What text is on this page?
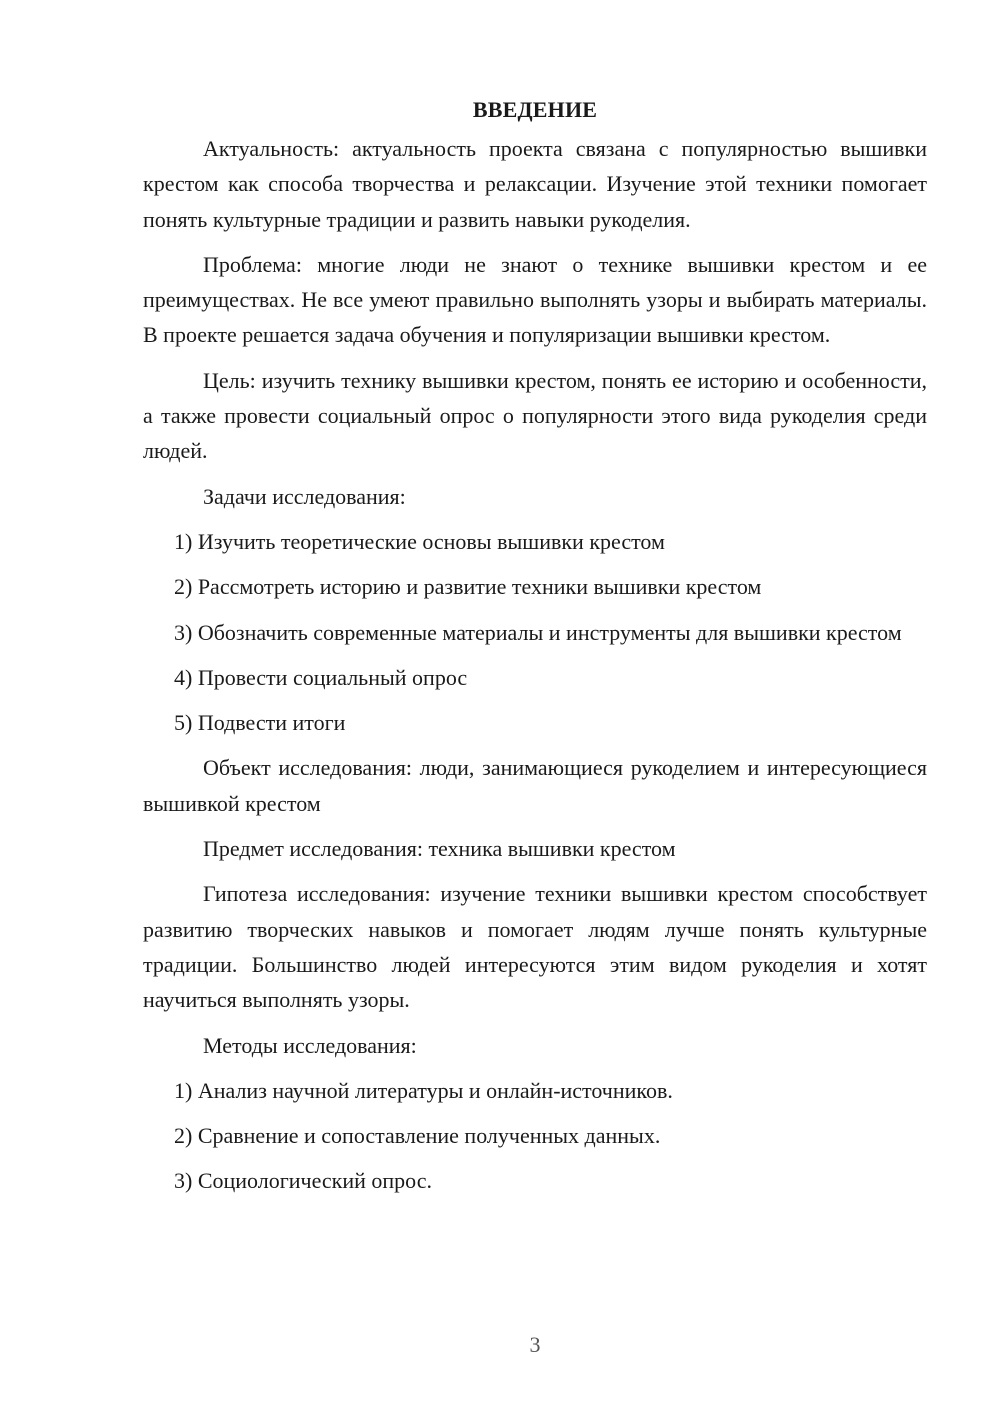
ВВЕДЕНИЕ

Актуальность: актуальность проекта связана с популярностью вышивки крестом как способа творчества и релаксации. Изучение этой техники помогает понять культурные традиции и развить навыки рукоделия.

Проблема: многие люди не знают о технике вышивки крестом и ее преимуществах. Не все умеют правильно выполнять узоры и выбирать материалы. В проекте решается задача обучения и популяризации вышивки крестом.

Цель: изучить технику вышивки крестом, понять ее историю и особенности, а также провести социальный опрос о популярности этого вида рукоделия среди людей.

Задачи исследования:

1) Изучить теоретические основы вышивки крестом

2) Рассмотреть историю и развитие техники вышивки крестом

3) Обозначить современные материалы и инструменты для вышивки крестом

4) Провести социальный опрос

5) Подвести итоги

Объект исследования: люди, занимающиеся рукоделием и интересующиеся вышивкой крестом

Предмет исследования: техника вышивки крестом

Гипотеза исследования: изучение техники вышивки крестом способствует развитию творческих навыков и помогает людям лучше понять культурные традиции. Большинство людей интересуются этим видом рукоделия и хотят научиться выполнять узоры.

Методы исследования:

1) Анализ научной литературы и онлайн-источников.

2) Сравнение и сопоставление полученных данных.

3) Социологический опрос.

3
